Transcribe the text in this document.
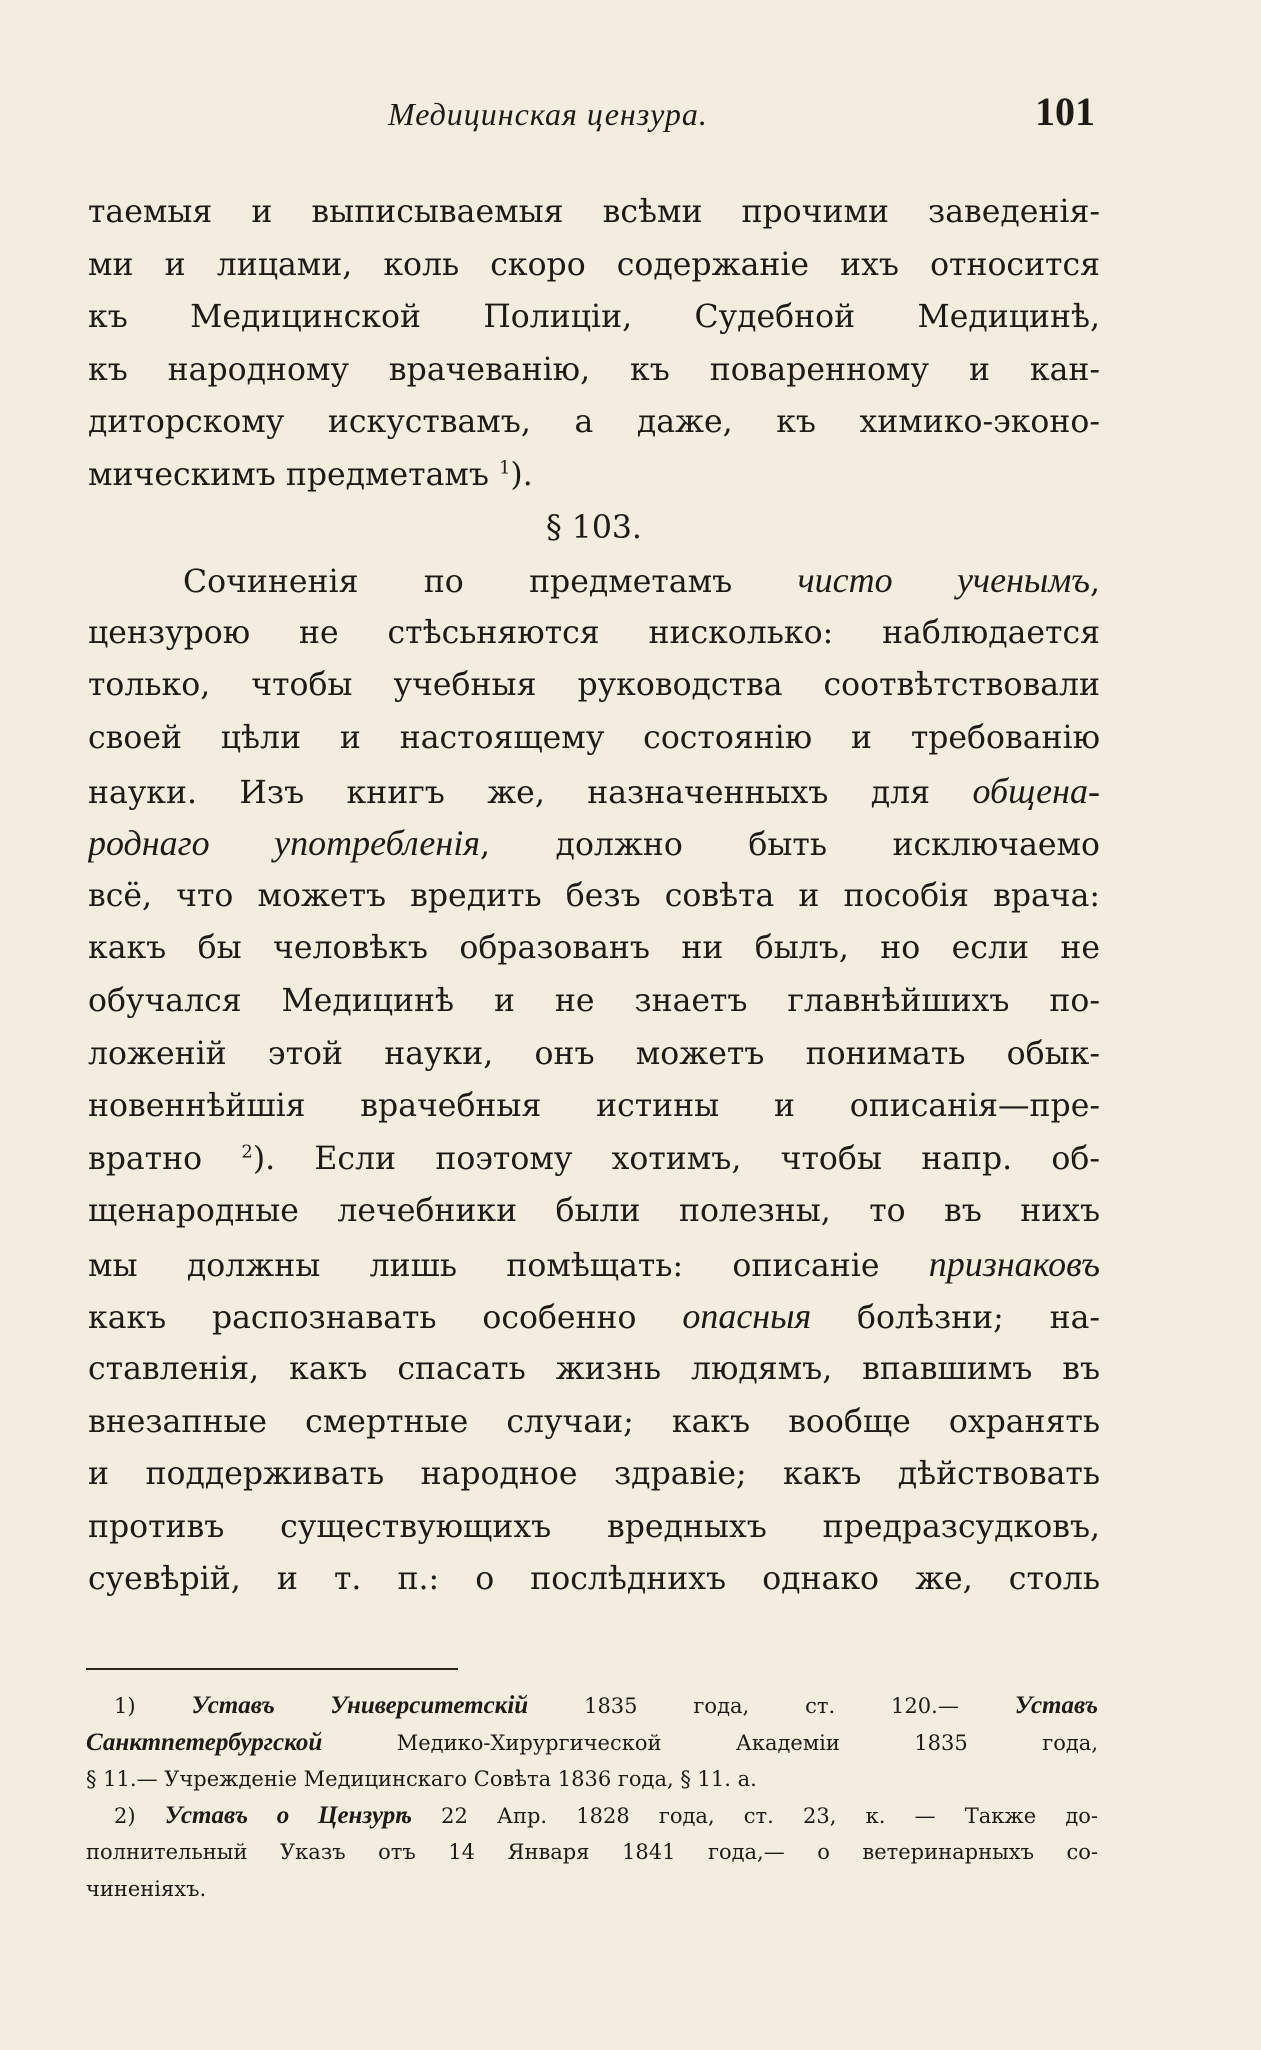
Медицинская цензура.	101
таемыя и выписываемыя всѣми прочими заведенія-
ми и лицами, коль скоро содержаніе ихъ относится
къ Медицинской Полиціи, Судебной Медицинѣ,
къ народному врачеванію, къ поваренному и кан-
диторскому искуствамъ, а даже, къ химико-эконо-
мическимъ предметамъ $^1$).
§ 103.
Сочиненія по предметамъ чисто ученымъ,
цензурою не стѣсьняются нисколько: наблюдается
только, чтобы учебныя руководства соотвѣтствовали
своей цѣли и настоящему состоянію и требованію
науки. Изъ книгъ же, назначенныхъ для общена-
роднаго употребленія, должно быть исключаемо
всё, что можетъ вредить безъ совѣта и пособія врача:
какъ бы человѣкъ образованъ ни былъ, но если не
обучался Медицинѣ и не знаетъ главнѣйшихъ по-
ложеній этой науки, онъ можетъ понимать обык-
новеннѣйшія врачебныя истины и описанія—пре-
вратно $^2$). Если поэтому хотимъ, чтобы напр. об-
щенародные лечебники были полезны, то въ нихъ
мы должны лишь помѣщать: описаніе признаковъ
какъ распознавать особенно опасныя болѣзни; на-
ставленія, какъ спасать жизнь людямъ, впавшимъ въ
внезапные смертные случаи; какъ вообще охранять
и поддерживать народное здравіе; какъ дѣйствовать
противъ существующихъ вредныхъ предразсудковъ,
суевѣрій, и т. п.: о послѣднихъ однако же, столь
1) Уставъ Университетскій 1835 года, ст. 120.— Уставъ
Санктпетербургской Медико-Хирургической Академіи 1835 года,
§ 11.— Учрежденіе Медицинскаго Совѣта 1836 года, § 11. а.
2) Уставъ о Цензурѣ 22 Апр. 1828 года, ст. 23, к. — Также до-
полнительный Указъ отъ 14 Января 1841 года,— о ветеринарныхъ со-
чиненіяхъ.
